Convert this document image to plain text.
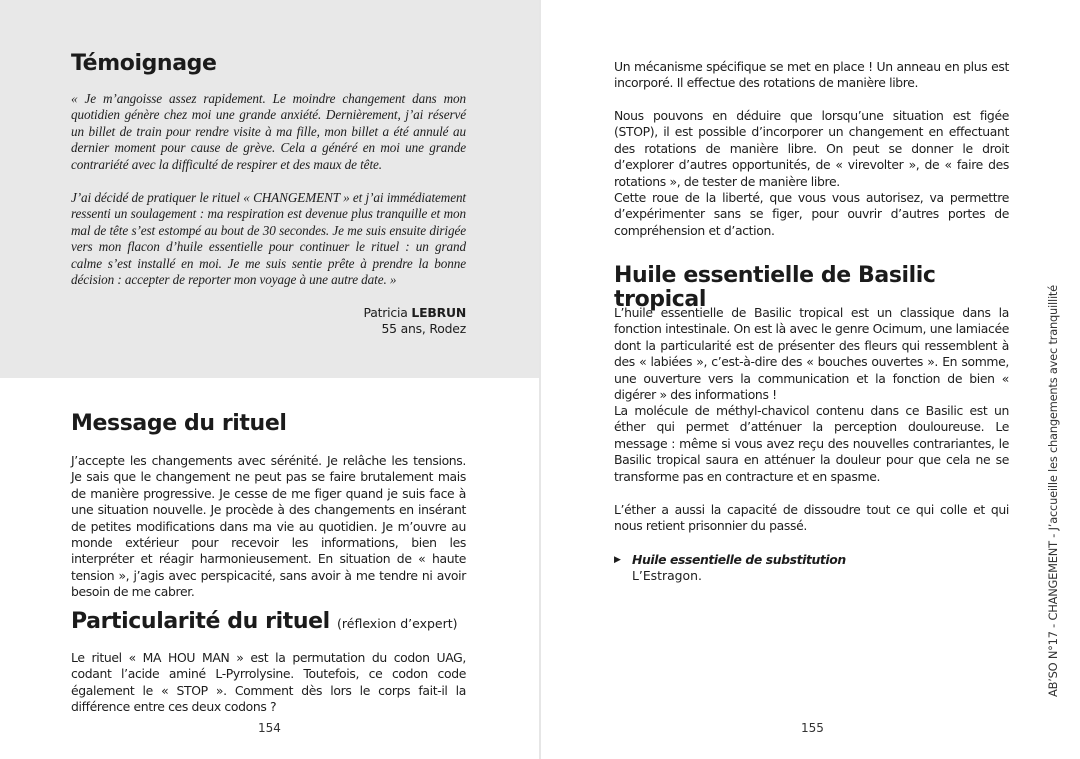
Témoignage

« Je m’angoisse assez rapidement. Le moindre changement dans mon quotidien génère chez moi une grande anxiété. Dernièrement, j’ai réservé un billet de train pour rendre visite à ma fille, mon billet a été annulé au dernier moment pour cause de grève. Cela a généré en moi une grande contrariété avec la difficulté de respirer et des maux de tête.

J’ai décidé de pratiquer le rituel « CHANGEMENT » et j’ai immédiatement ressenti un soulagement : ma respiration est devenue plus tranquille et mon mal de tête s’est estompé au bout de 30 secondes. Je me suis ensuite dirigée vers mon flacon d’huile essentielle pour continuer le rituel : un grand calme s’est installé en moi. Je me suis sentie prête à prendre la bonne décision : accepter de reporter mon voyage à une autre date. »

Patricia LEBRUN
55 ans, Rodez
Message du rituel

J’accepte les changements avec sérénité. Je relâche les tensions. Je sais que le changement ne peut pas se faire brutalement mais de manière progressive. Je cesse de me figer quand je suis face à une situation nouvelle. Je procède à des changements en insérant de petites modifications dans ma vie au quotidien. Je m’ouvre au monde extérieur pour recevoir les informations, bien les interpréter et réagir harmonieusement. En situation de « haute tension », j’agis avec perspicacité, sans avoir à me tendre ni avoir besoin de me cabrer.

Particularité du rituel (réflexion d’expert)

Le rituel « MA HOU MAN » est la permutation du codon UAG, codant l’acide aminé L-Pyrrolysine. Toutefois, ce codon code également le « STOP ». Comment dès lors le corps fait-il la différence entre ces deux codons ?

154

Un mécanisme spécifique se met en place ! Un anneau en plus est incorporé. Il effectue des rotations de manière libre.

Nous pouvons en déduire que lorsqu’une situation est figée (STOP), il est possible d’incorporer un changement en effectuant des rotations de manière libre. On peut se donner le droit d’explorer d’autres opportunités, de « virevolter », de « faire des rotations », de tester de manière libre.

Cette roue de la liberté, que vous vous autorisez, va permettre d’expérimenter sans se figer, pour ouvrir d’autres portes de compréhension et d’action.

Huile essentielle de Basilic tropical

L’huile essentielle de Basilic tropical est un classique dans la fonction intestinale. On est là avec le genre Ocimum, une lamiacée dont la particularité est de présenter des fleurs qui ressemblent à des « labiées », c’est-à-dire des « bouches ouvertes ». En somme, une ouverture vers la communication et la fonction de bien « digérer » des informations !

La molécule de méthyl-chavicol contenu dans ce Basilic est un éther qui permet d’atténuer la perception douloureuse. Le message : même si vous avez reçu des nouvelles contrariantes, le Basilic tropical saura en atténuer la douleur pour que cela ne se transforme pas en contracture et en spasme.

L’éther a aussi la capacité de dissoudre tout ce qui colle et qui nous retient prisonnier du passé.

▶ Huile essentielle de substitution
L’Estragon.	AB’SO N°17 - CHANGEMENT - J’accueille les changements avec tranquillité
155
